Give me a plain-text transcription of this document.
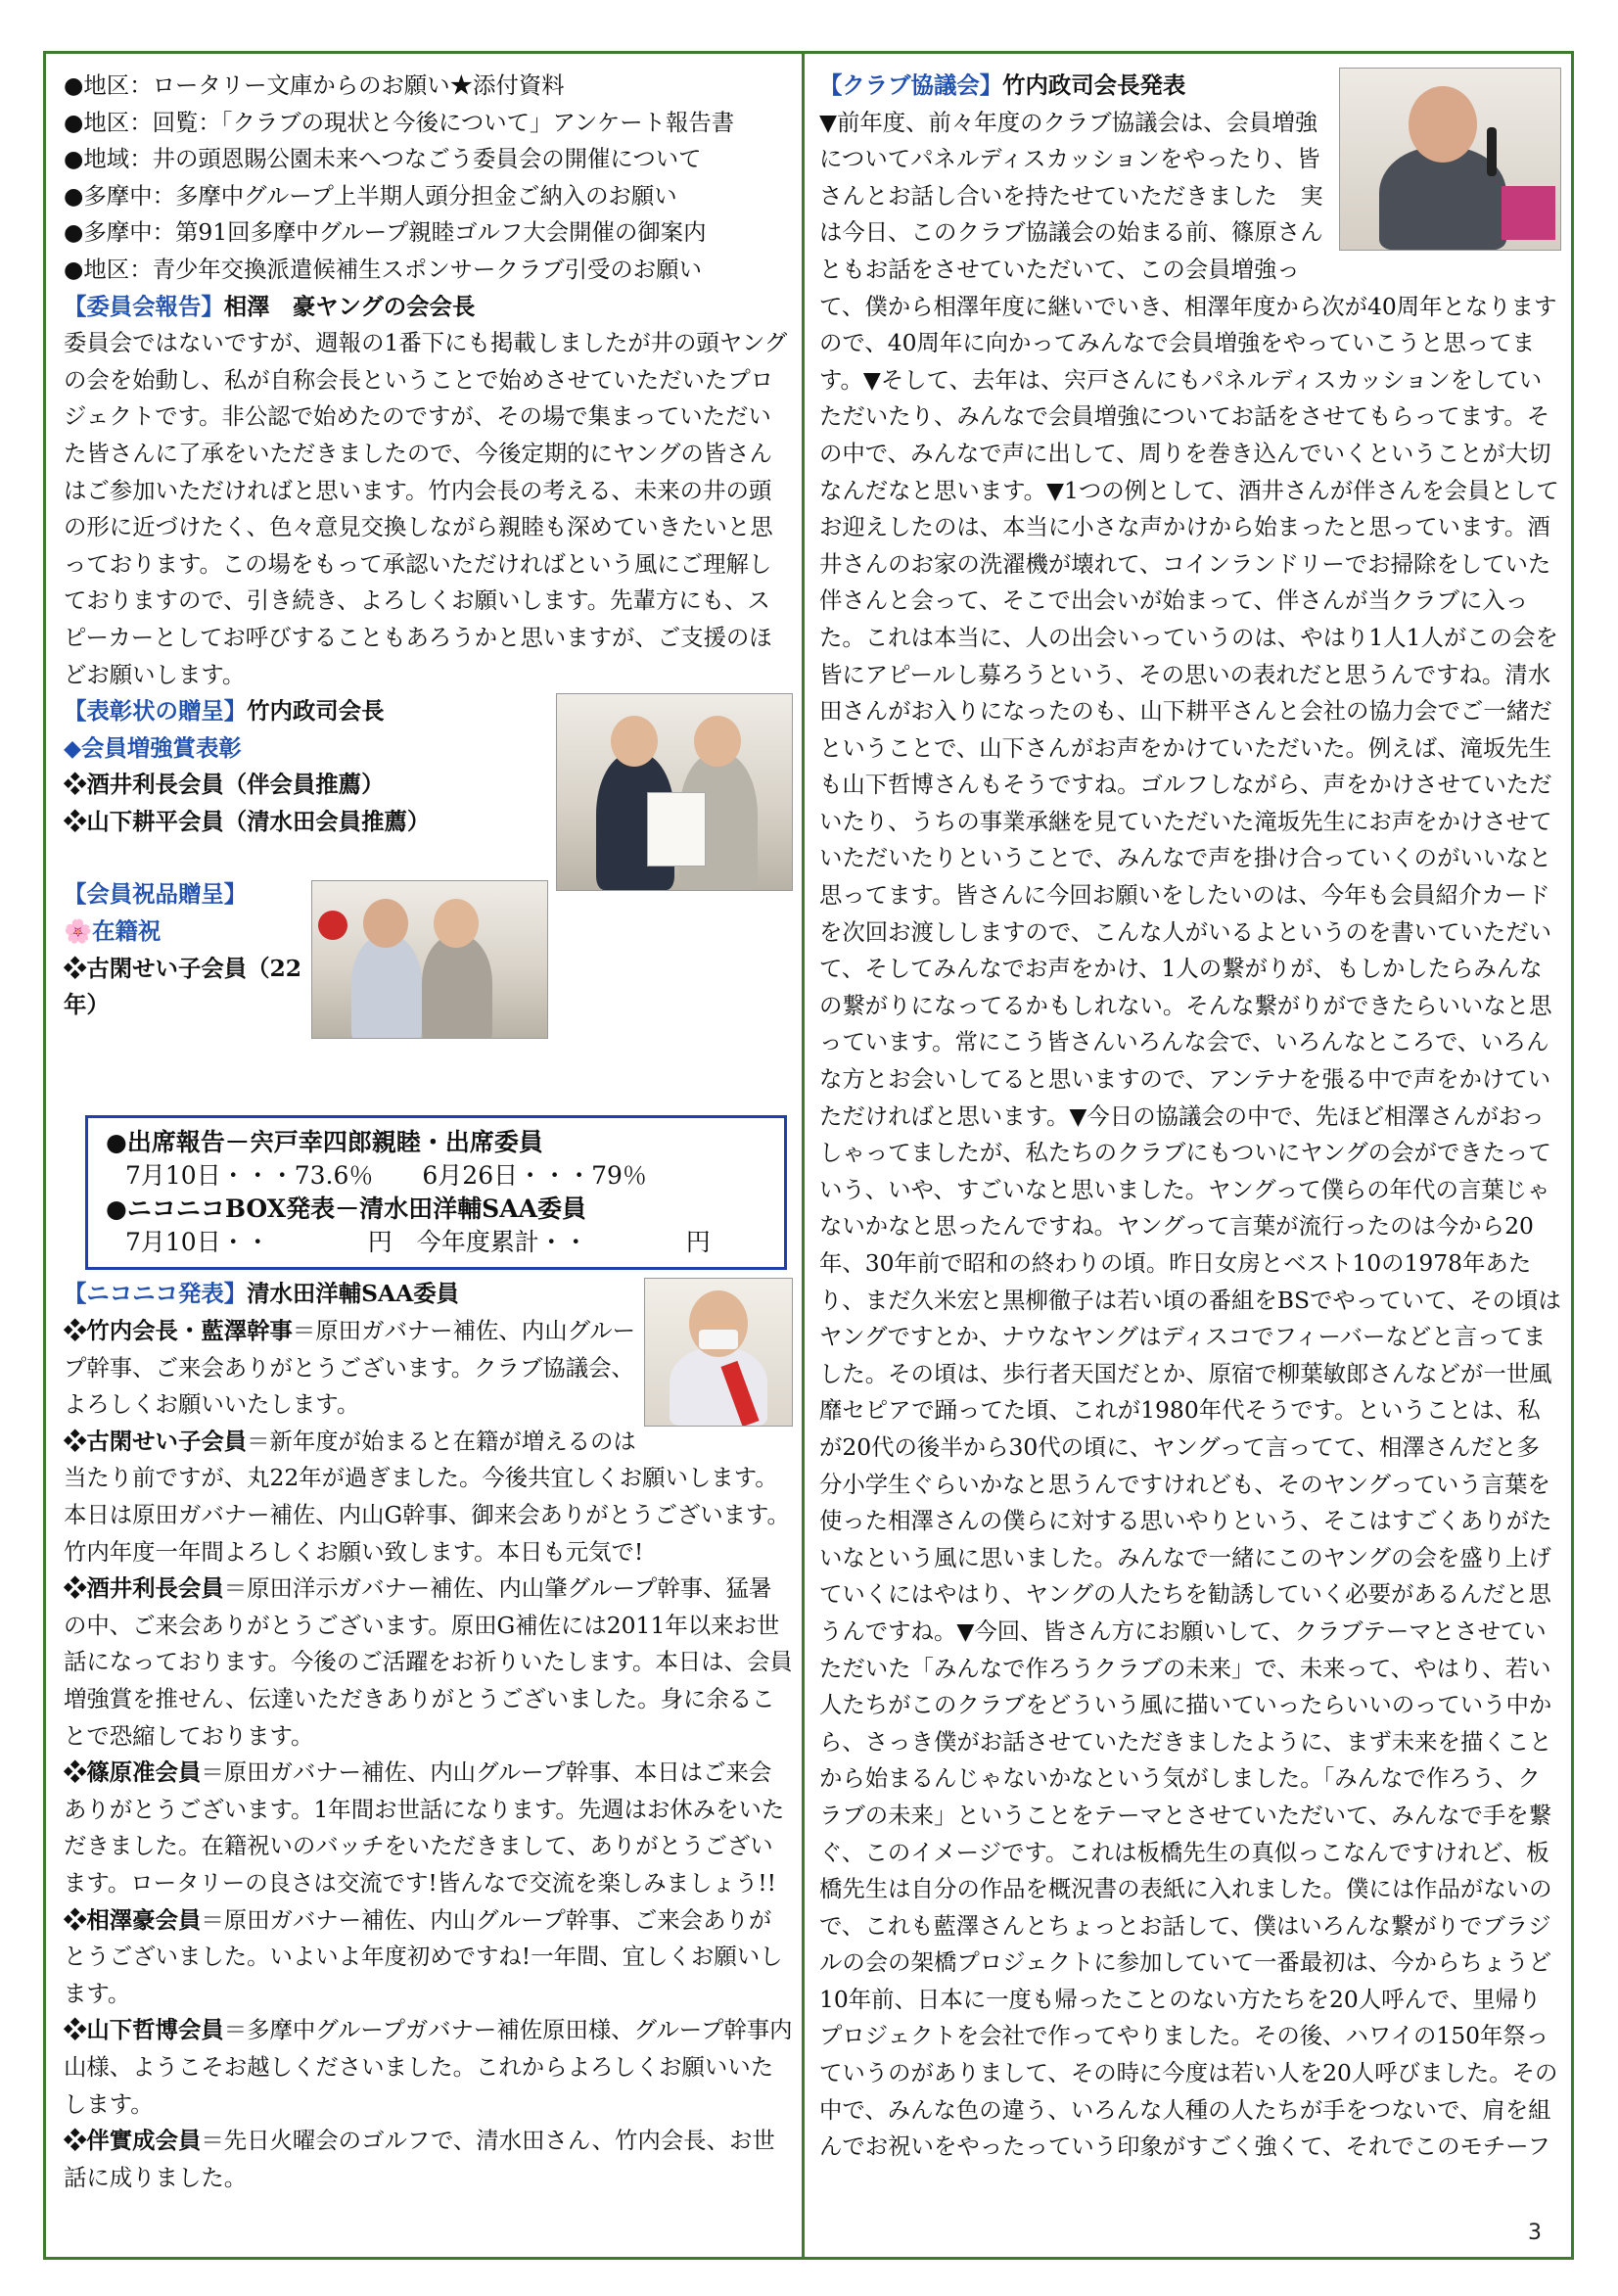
●地区：ロータリー文庫からのお願い★添付資料

●地区：回覧：「クラブの現状と今後について」アンケート報告書

●地域：井の頭恩賜公園未来へつなごう委員会の開催について

●多摩中：多摩中グループ上半期人頭分担金ご納入のお願い

●多摩中：第91回多摩中グループ親睦ゴルフ大会開催の御案内

●地区：青少年交換派遣候補生スポンサークラブ引受のお願い

【委員会報告】相澤　豪ヤングの会会長

委員会ではないですが、週報の1番下にも掲載しましたが井の頭ヤングの会を始動し、私が自称会長ということで始めさせていただいたプロジェクトです。非公認で始めたのですが、その場で集まっていただいた皆さんに了承をいただきましたので、今後定期的にヤングの皆さんはご参加いただければと思います。竹内会長の考える、未来の井の頭の形に近づけたく、色々意見交換しながら親睦も深めていきたいと思っております。この場をもって承認いただければという風にご理解しておりますので、引き続き、よろしくお願いします。先輩方にも、スピーカーとしてお呼びすることもあろうかと思いますが、ご支援のほどお願いします。

【表彰状の贈呈】竹内政司会長

◆会員増強賞表彰

❖酒井利長会員（伴会員推薦）

❖山下耕平会員（清水田会員推薦）

【会員祝品贈呈】

🌸在籍祝

❖古閑せい子会員（22年）

●出席報告－宍戸幸四郎親睦・出席委員
7月10日・・・73.6％　　6月26日・・・79％
●ニコニコBOX発表－清水田洋輔SAA委員
7月10日・・　　　　円　今年度累計・・　　　　円

【ニコニコ発表】清水田洋輔SAA委員

❖竹内会長・藍澤幹事＝原田ガバナー補佐、内山グループ幹事、ご来会ありがとうございます。クラブ協議会、よろしくお願いいたします。

❖古閑せい子会員＝新年度が始まると在籍が増えるのは当たり前ですが、丸22年が過ぎました。今後共宜しくお願いします。本日は原田ガバナー補佐、内山G幹事、御来会ありがとうございます。竹内年度一年間よろしくお願い致します。本日も元気で!

❖酒井利長会員＝原田洋示ガバナー補佐、内山肇グループ幹事、猛暑の中、ご来会ありがとうございます。原田G補佐には2011年以来お世話になっております。今後のご活躍をお祈りいたします。本日は、会員増強賞を推せん、伝達いただきありがとうございました。身に余ることで恐縮しております。

❖篠原准会員＝原田ガバナー補佐、内山グループ幹事、本日はご来会ありがとうございます。1年間お世話になります。先週はお休みをいただきました。在籍祝いのバッチをいただきまして、ありがとうございます。ロータリーの良さは交流です!皆んなで交流を楽しみましょう!!

❖相澤豪会員＝原田ガバナー補佐、内山グループ幹事、ご来会ありがとうございました。いよいよ年度初めですね!一年間、宜しくお願いします。

❖山下哲博会員＝多摩中グループガバナー補佐原田様、グループ幹事内山様、ようこそお越しくださいました。これからよろしくお願いいたします。

❖伴實成会員＝先日火曜会のゴルフで、清水田さん、竹内会長、お世話に成りました。

【クラブ協議会】竹内政司会長発表

▼前年度、前々年度のクラブ協議会は、会員増強についてパネルディスカッションをやったり、皆さんとお話し合いを持たせていただきました　実は今日、このクラブ協議会の始まる前、篠原さんともお話をさせていただいて、この会員増強って、僕から相澤年度に継いでいき、相澤年度から次が40周年となりますので、40周年に向かってみんなで会員増強をやっていこうと思ってます。▼そして、去年は、宍戸さんにもパネルディスカッションをしていただいたり、みんなで会員増強についてお話をさせてもらってます。その中で、みんなで声に出して、周りを巻き込んでいくということが大切なんだなと思います。▼1つの例として、酒井さんが伴さんを会員としてお迎えしたのは、本当に小さな声かけから始まったと思っています。酒井さんのお家の洗濯機が壊れて、コインランドリーでお掃除をしていた伴さんと会って、そこで出会いが始まって、伴さんが当クラブに入った。これは本当に、人の出会いっていうのは、やはり1人1人がこの会を皆にアピールし募ろうという、その思いの表れだと思うんですね。清水田さんがお入りになったのも、山下耕平さんと会社の協力会でご一緒だということで、山下さんがお声をかけていただいた。例えば、滝坂先生も山下哲博さんもそうですね。ゴルフしながら、声をかけさせていただいたり、うちの事業承継を見ていただいた滝坂先生にお声をかけさせていただいたりということで、みんなで声を掛け合っていくのがいいなと思ってます。皆さんに今回お願いをしたいのは、今年も会員紹介カードを次回お渡ししますので、こんな人がいるよというのを書いていただいて、そしてみんなでお声をかけ、1人の繋がりが、もしかしたらみんなの繋がりになってるかもしれない。そんな繋がりができたらいいなと思っています。常にこう皆さんいろんな会で、いろんなところで、いろんな方とお会いしてると思いますので、アンテナを張る中で声をかけていただければと思います。▼今日の協議会の中で、先ほど相澤さんがおっしゃってましたが、私たちのクラブにもついにヤングの会ができたっていう、いや、すごいなと思いました。ヤングって僕らの年代の言葉じゃないかなと思ったんですね。ヤングって言葉が流行ったのは今から20年、30年前で昭和の終わりの頃。昨日女房とベスト10の1978年あたり、まだ久米宏と黒柳徹子は若い頃の番組をBSでやっていて、その頃はヤングですとか、ナウなヤングはディスコでフィーバーなどと言ってました。その頃は、歩行者天国だとか、原宿で柳葉敏郎さんなどが一世風靡セピアで踊ってた頃、これが1980年代そうです。ということは、私が20代の後半から30代の頃に、ヤングって言ってて、相澤さんだと多分小学生ぐらいかなと思うんですけれども、そのヤングっていう言葉を使った相澤さんの僕らに対する思いやりという、そこはすごくありがたいなという風に思いました。みんなで一緒にこのヤングの会を盛り上げていくにはやはり、ヤングの人たちを勧誘していく必要があるんだと思うんですね。▼今回、皆さん方にお願いして、クラブテーマとさせていただいた「みんなで作ろうクラブの未来」で、未来って、やはり、若い人たちがこのクラブをどういう風に描いていったらいいのっていう中から、さっき僕がお話させていただきましたように、まず未来を描くことから始まるんじゃないかなという気がしました。「みんなで作ろう、クラブの未来」ということをテーマとさせていただいて、みんなで手を繋ぐ、このイメージです。これは板橋先生の真似っこなんですけれど、板橋先生は自分の作品を概況書の表紙に入れました。僕には作品がないので、これも藍澤さんとちょっとお話して、僕はいろんな繋がりでブラジルの会の架橋プロジェクトに参加していて一番最初は、今からちょうど10年前、日本に一度も帰ったことのない方たちを20人呼んで、里帰りプロジェクトを会社で作ってやりました。その後、ハワイの150年祭っていうのがありまして、その時に今度は若い人を20人呼びました。その中で、みんな色の違う、いろんな人種の人たちが手をつないで、肩を組んでお祝いをやったっていう印象がすごく強くて、それでこのモチーフ

3
